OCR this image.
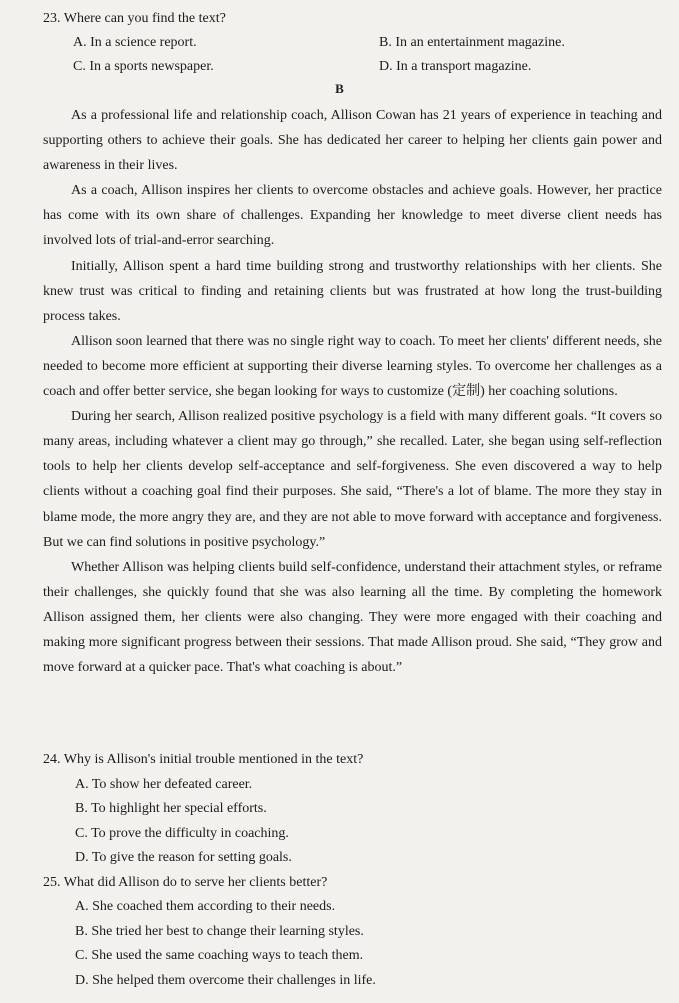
23. Where can you find the text?
A. In a science report.	B. In an entertainment magazine.
C. In a sports newspaper.	D. In a transport magazine.
B

As a professional life and relationship coach, Allison Cowan has 21 years of experience in teaching and supporting others to achieve their goals. She has dedicated her career to helping her clients gain power and awareness in their lives.

As a coach, Allison inspires her clients to overcome obstacles and achieve goals. However, her practice has come with its own share of challenges. Expanding her knowledge to meet diverse client needs has involved lots of trial-and-error searching.

Initially, Allison spent a hard time building strong and trustworthy relationships with her clients. She knew trust was critical to finding and retaining clients but was frustrated at how long the trust-building process takes.

Allison soon learned that there was no single right way to coach. To meet her clients' different needs, she needed to become more efficient at supporting their diverse learning styles. To overcome her challenges as a coach and offer better service, she began looking for ways to customize (定制) her coaching solutions.

During her search, Allison realized positive psychology is a field with many different goals. “It covers so many areas, including whatever a client may go through,” she recalled. Later, she began using self-reflection tools to help her clients develop self-acceptance and self-forgiveness. She even discovered a way to help clients without a coaching goal find their purposes. She said, “There's a lot of blame. The more they stay in blame mode, the more angry they are, and they are not able to move forward with acceptance and forgiveness. But we can find solutions in positive psychology.”

Whether Allison was helping clients build self-confidence, understand their attachment styles, or reframe their challenges, she quickly found that she was also learning all the time. By completing the homework Allison assigned them, her clients were also changing. They were more engaged with their coaching and making more significant progress between their sessions. That made Allison proud. She said, “They grow and move forward at a quicker pace. That's what coaching is about.”

24. Why is Allison's initial trouble mentioned in the text?
A. To show her defeated career.
B. To highlight her special efforts.
C. To prove the difficulty in coaching.
D. To give the reason for setting goals.
25. What did Allison do to serve her clients better?
A. She coached them according to their needs.
B. She tried her best to change their learning styles.
C. She used the same coaching ways to teach them.
D. She helped them overcome their challenges in life.
